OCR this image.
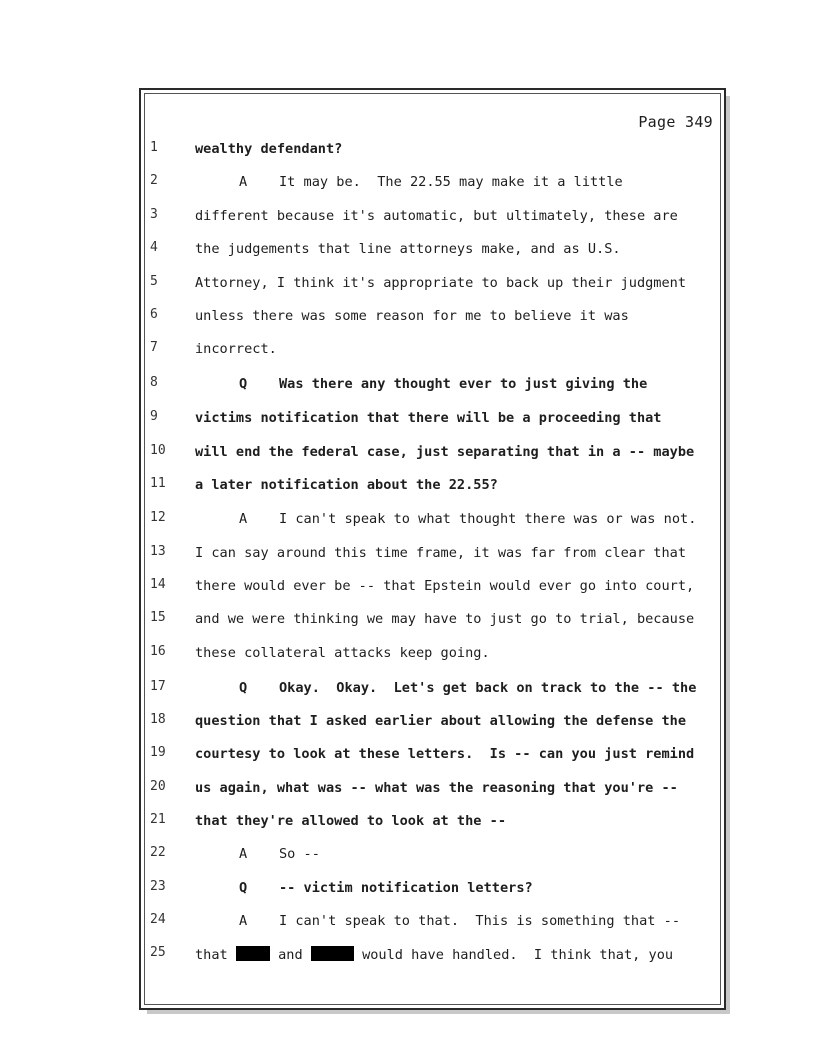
Page 349
1	wealthy defendant?
2	A It may be.  The 22.55 may make it a little
3	different because it's automatic, but ultimately, these are
4	the judgements that line attorneys make, and as U.S.
5	Attorney, I think it's appropriate to back up their judgment
6	unless there was some reason for me to believe it was
7	incorrect.
8	Q Was there any thought ever to just giving the
9	victims notification that there will be a proceeding that
10	will end the federal case, just separating that in a -- maybe
11	a later notification about the 22.55?
12	A I can't speak to what thought there was or was not.
13	I can say around this time frame, it was far from clear that
14	there would ever be -- that Epstein would ever go into court,
15	and we were thinking we may have to just go to trial, because
16	these collateral attacks keep going.
17	Q Okay.  Okay.  Let's get back on track to the -- the
18	question that I asked earlier about allowing the defense the
19	courtesy to look at these letters.  Is -- can you just remind
20	us again, what was -- what was the reasoning that you're --
21	that they're allowed to look at the --
22	A So --
23	Q -- victim notification letters?
24	A I can't speak to that.  This is something that --
25	that	and	would have handled.  I think that, you
